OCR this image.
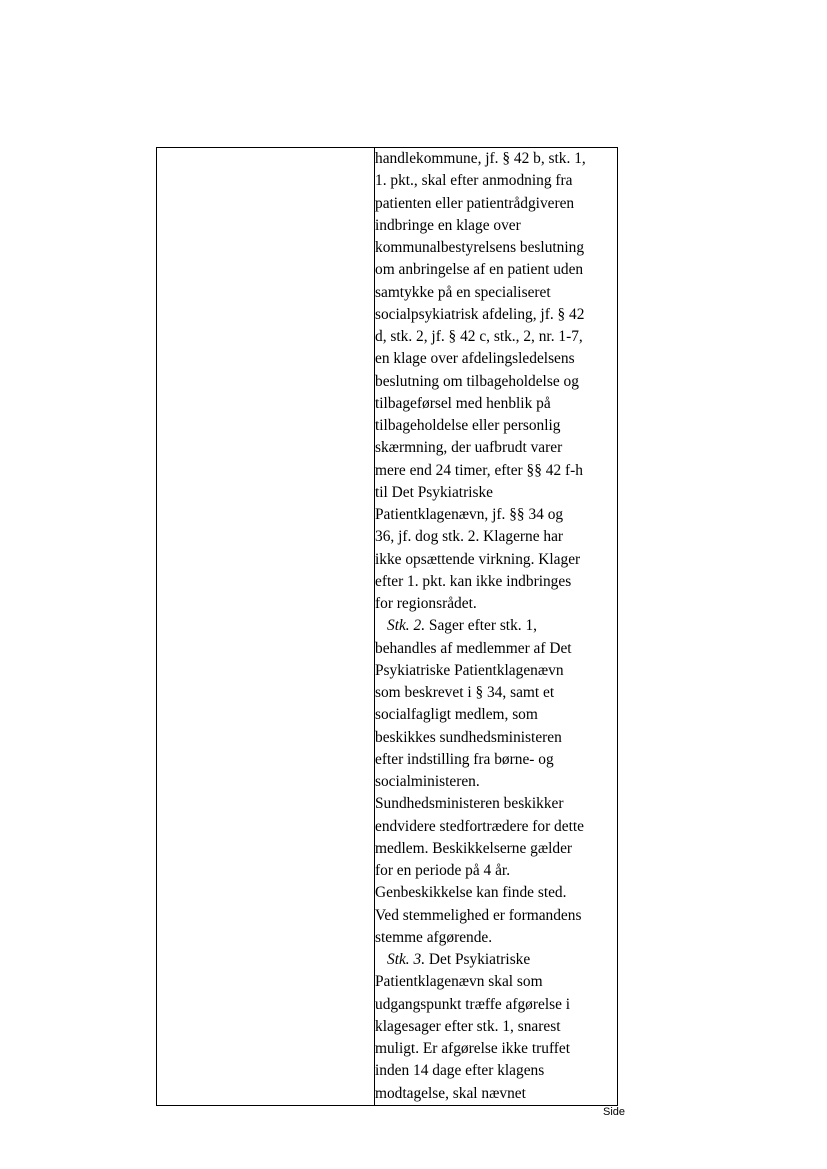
handlekommune, jf. § 42 b, stk. 1,
1. pkt., skal efter anmodning fra
patienten eller patientrådgiveren
indbringe en klage over
kommunalbestyrelsens beslutning
om anbringelse af en patient uden
samtykke på en specialiseret
socialpsykiatrisk afdeling, jf. § 42
d, stk. 2, jf. § 42 c, stk., 2, nr. 1-7,
en klage over afdelingsledelsens
beslutning om tilbageholdelse og
tilbageførsel med henblik på
tilbageholdelse eller personlig
skærmning, der uafbrudt varer
mere end 24 timer, efter §§ 42 f-h
til Det Psykiatriske
Patientklagenævn, jf. §§ 34 og
36, jf. dog stk. 2. Klagerne har
ikke opsættende virkning. Klager
efter 1. pkt. kan ikke indbringes
for regionsrådet.
Stk. 2. Sager efter stk. 1,
behandles af medlemmer af Det
Psykiatriske Patientklagenævn
som beskrevet i § 34, samt et
socialfagligt medlem, som
beskikkes sundhedsministeren
efter indstilling fra børne- og
socialministeren.
Sundhedsministeren beskikker
endvidere stedfortrædere for dette
medlem. Beskikkelserne gælder
for en periode på 4 år.
Genbeskikkelse kan finde sted.
Ved stemmelighed er formandens
stemme afgørende.
Stk. 3. Det Psykiatriske
Patientklagenævn skal som
udgangspunkt træffe afgørelse i
klagesager efter stk. 1, snarest
muligt. Er afgørelse ikke truffet
inden 14 dage efter klagens
modtagelse, skal nævnet
Side
